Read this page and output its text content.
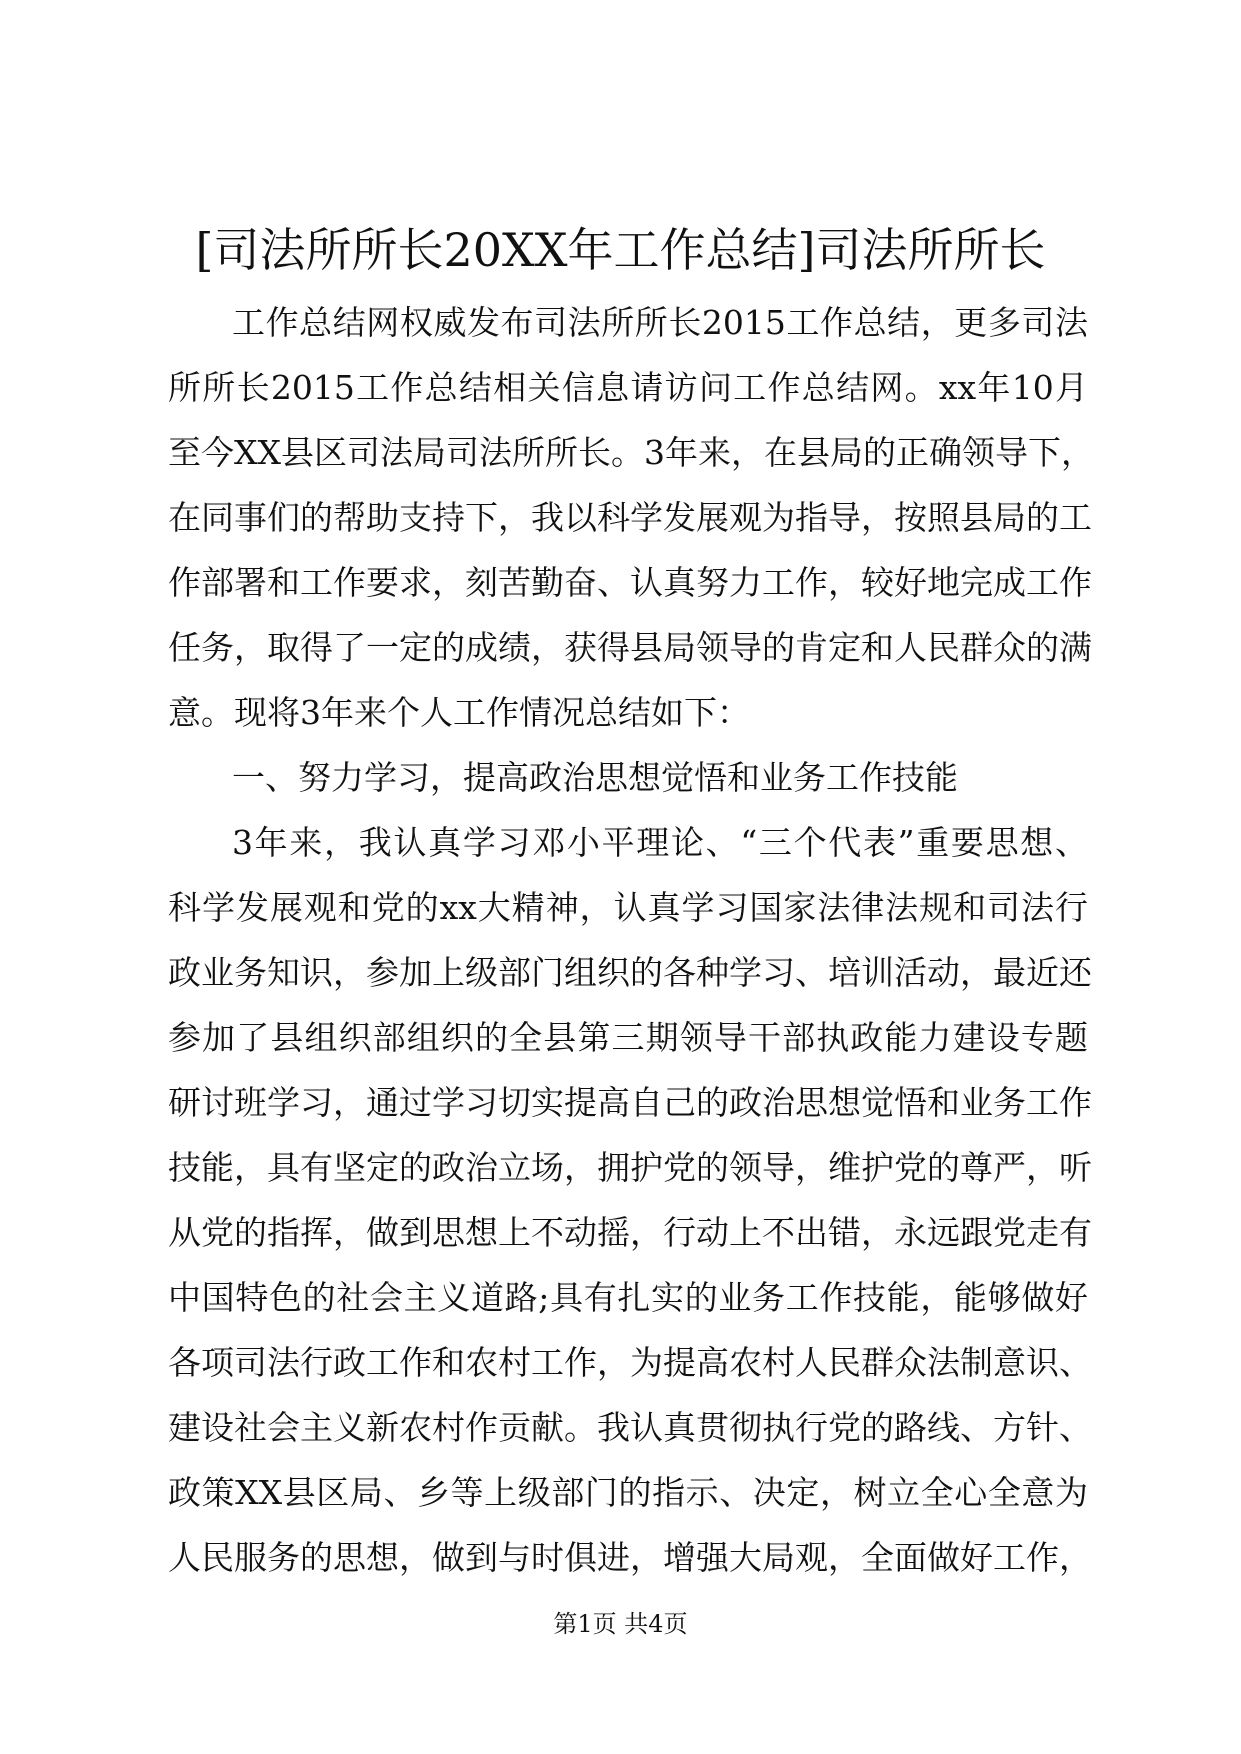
[司法所所长20XX年工作总结]司法所所长
工作总结网权威发布司法所所长2015工作总结，更多司法
所所长2015工作总结相关信息请访问工作总结网。xx年10月
至今XX县区司法局司法所所长。3年来，在县局的正确领导下，
在同事们的帮助支持下，我以科学发展观为指导，按照县局的工
作部署和工作要求，刻苦勤奋、认真努力工作，较好地完成工作
任务，取得了一定的成绩，获得县局领导的肯定和人民群众的满
意。现将3年来个人工作情况总结如下：
一、努力学习，提高政治思想觉悟和业务工作技能
3年来，我认真学习邓小平理论、“三个代表”重要思想、
科学发展观和党的xx大精神，认真学习国家法律法规和司法行
政业务知识，参加上级部门组织的各种学习、培训活动，最近还
参加了县组织部组织的全县第三期领导干部执政能力建设专题
研讨班学习，通过学习切实提高自己的政治思想觉悟和业务工作
技能，具有坚定的政治立场，拥护党的领导，维护党的尊严，听
从党的指挥，做到思想上不动摇，行动上不出错，永远跟党走有
中国特色的社会主义道路;具有扎实的业务工作技能，能够做好
各项司法行政工作和农村工作，为提高农村人民群众法制意识、
建设社会主义新农村作贡献。我认真贯彻执行党的路线、方针、
政策XX县区局、乡等上级部门的指示、决定，树立全心全意为
人民服务的思想，做到与时俱进，增强大局观，全面做好工作，
第1页 共4页
